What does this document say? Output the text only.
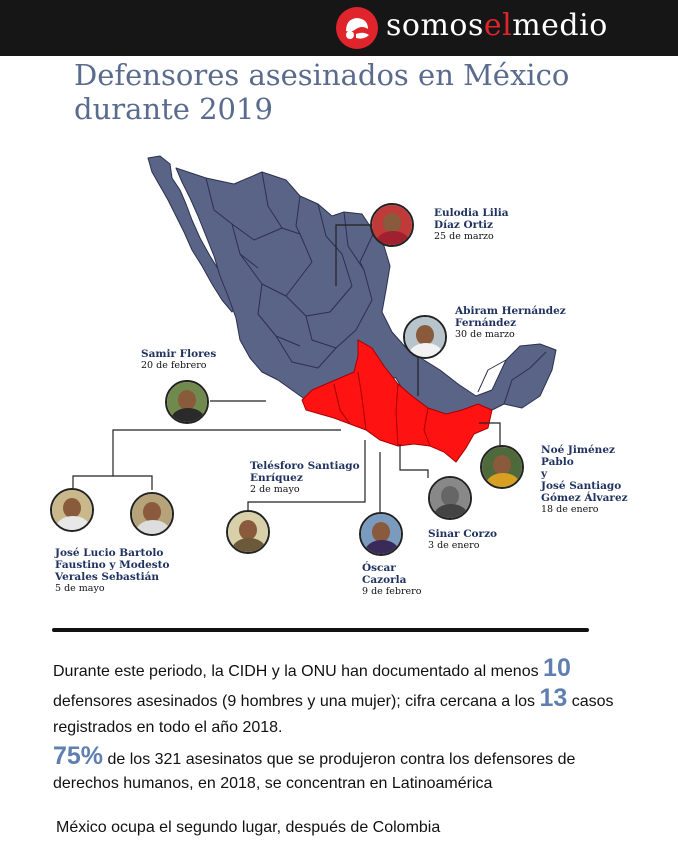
somoselmedio
Defensores asesinados en México
durante 2019
Eulodia Lilia
Díaz Ortiz
25 de marzo
Abiram Hernández
Fernández
30 de marzo
Samir Flores
20 de febrero
Noé Jiménez
Pablo
y
José Santiago
Gómez Álvarez
18 de enero
Telésforo Santiago
Enríquez
2 de mayo
Sinar Corzo
3 de enero
Óscar
Cazorla
9 de febrero
José Lucio Bartolo
Faustino y Modesto
Verales Sebastián
5 de mayo

Durante este periodo, la CIDH y la ONU han documentado al menos 10 defensores asesinados (9 hombres y una mujer); cifra cercana a los 13 casos registrados en todo el año 2018.

75% de los 321 asesinatos que se produjeron contra los defensores de derechos humanos, en 2018, se concentran en Latinoamérica

México ocupa el segundo lugar, después de Colombia
